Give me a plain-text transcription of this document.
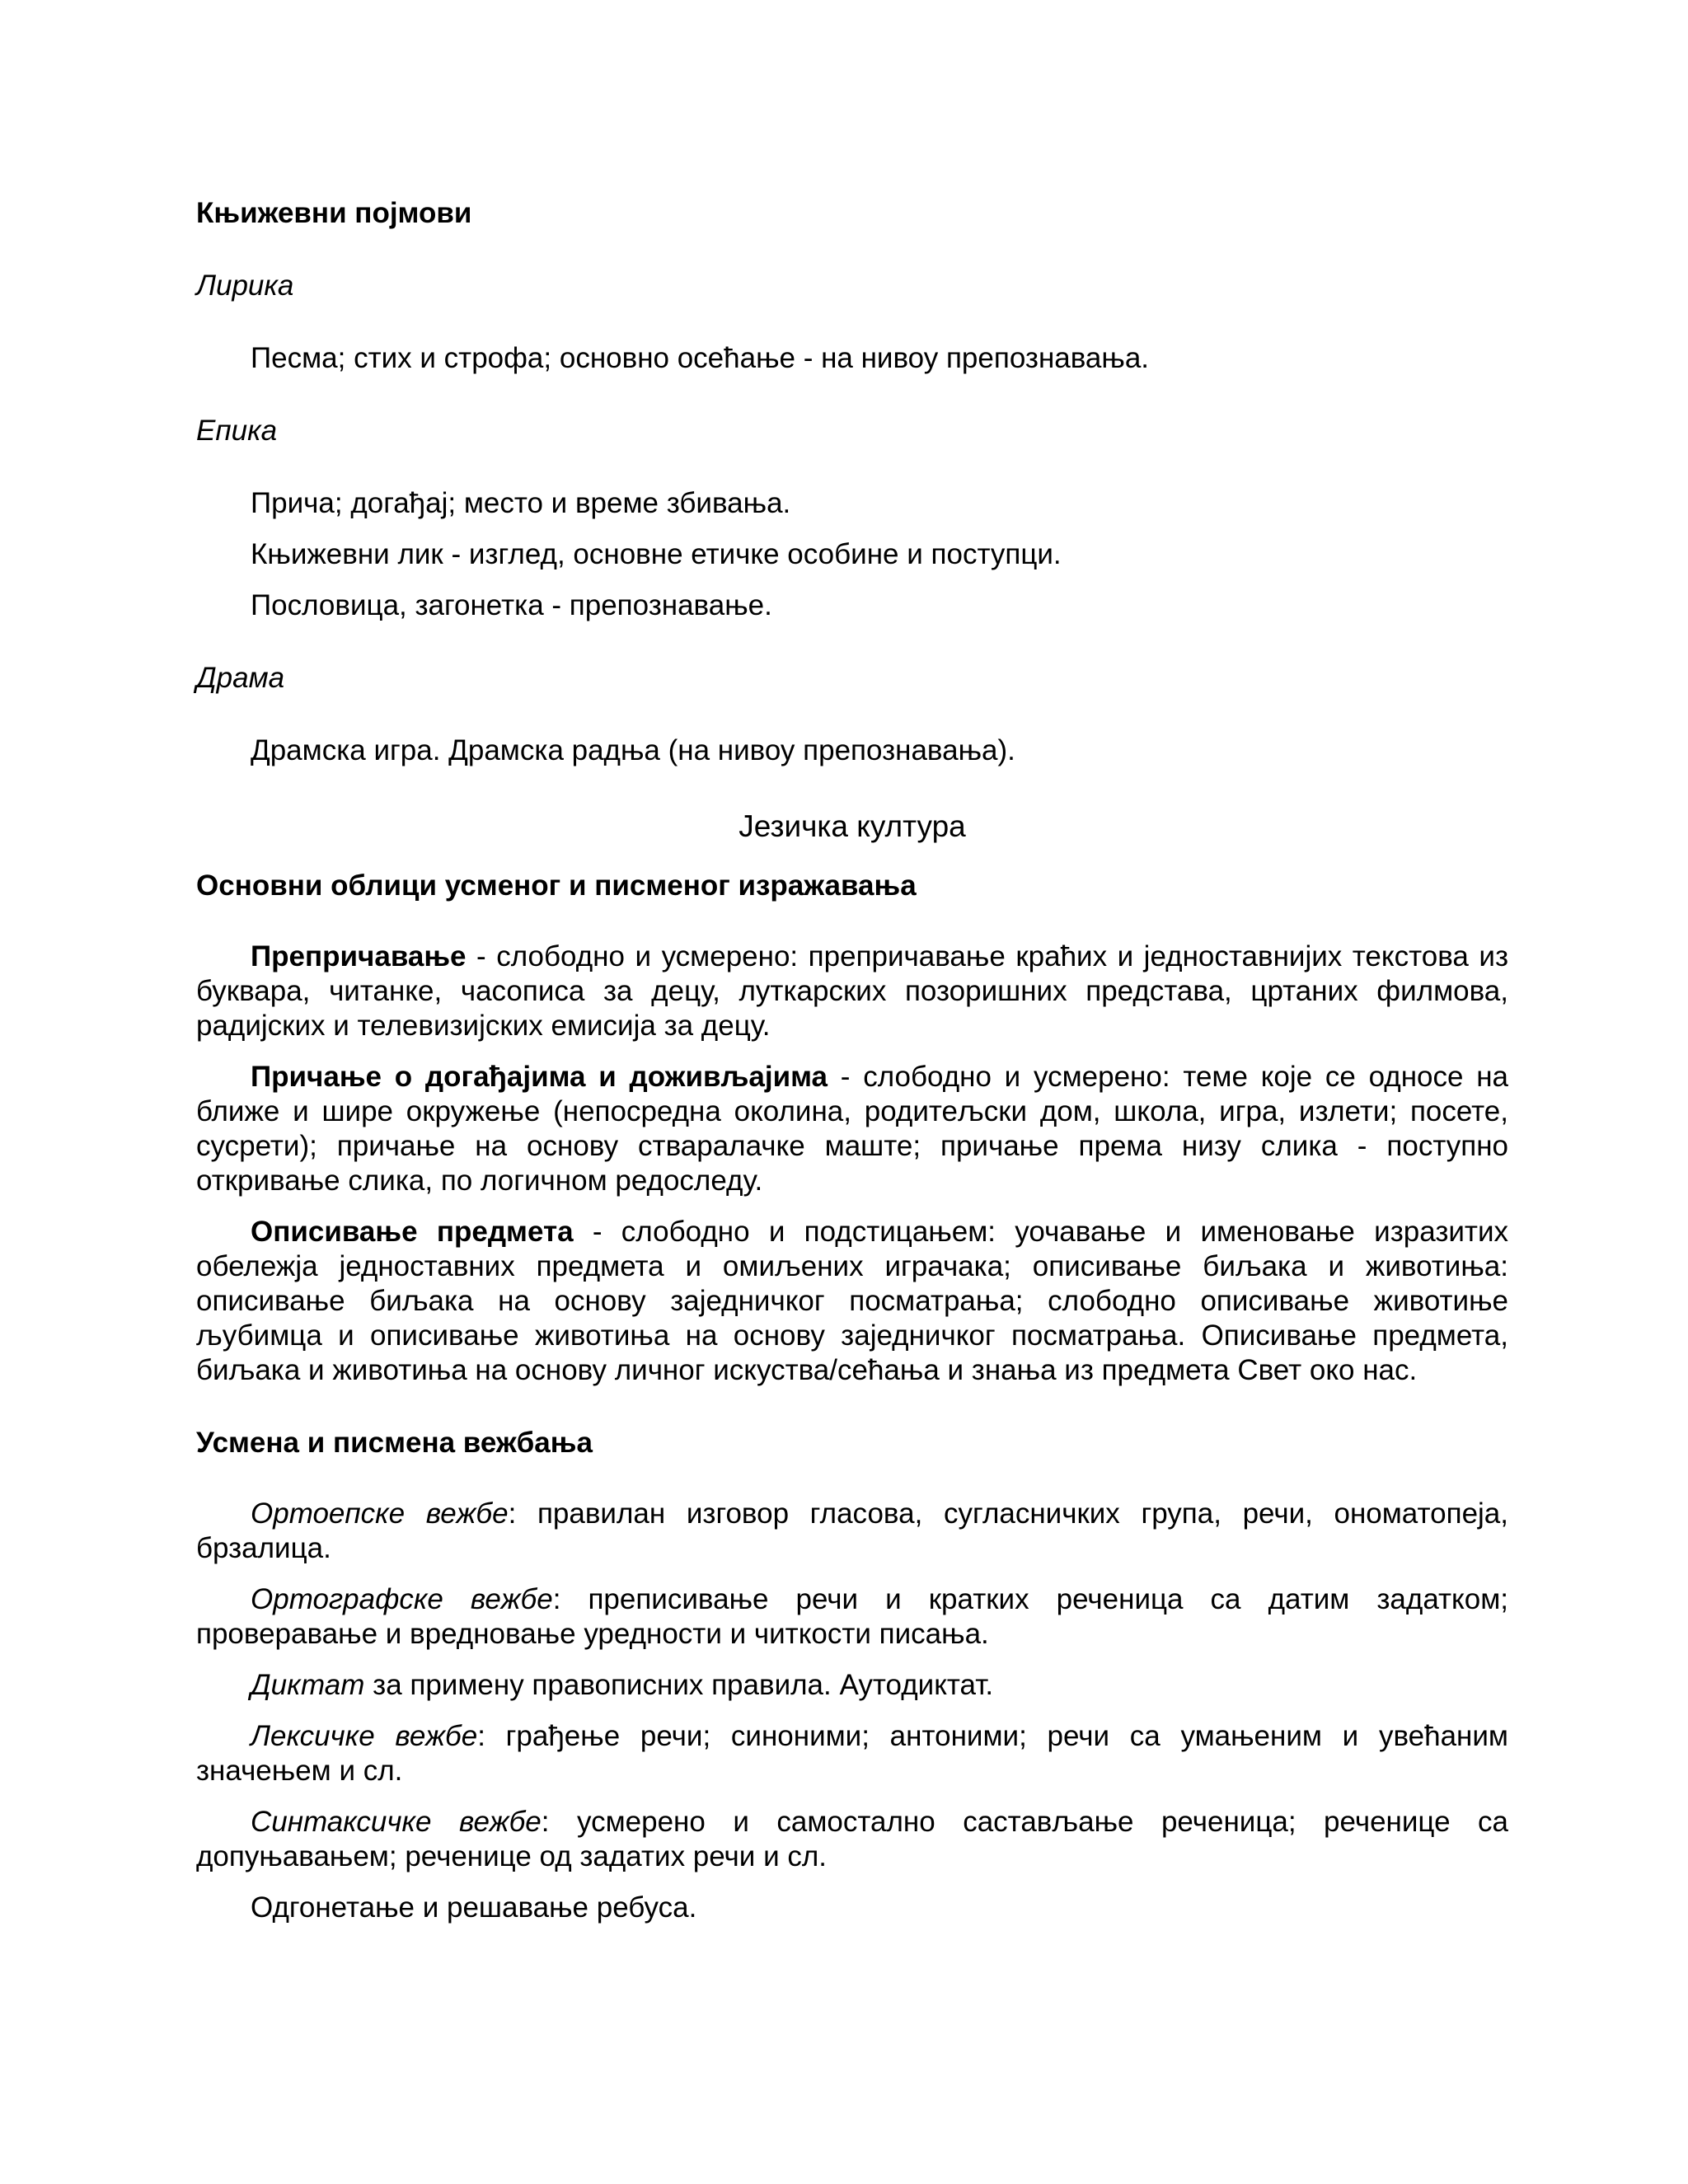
Књижевни појмови

Лирика

Песма; стих и строфа; основно осећање - на нивоу препознавања.

Епика

Прича; догађај; место и време збивања.

Књижевни лик - изглед, основне етичке особине и поступци.

Пословица, загонетка - препознавање.

Драма

Драмска игра. Драмска радња (на нивоу препознавања).

Језичка култура

Основни облици усменог и писменог изражавања

Препричавање - слободно и усмерено: препричавање краћих и једноставнијих текстова из буквара, читанке, часописа за децу, луткарских позоришних представа, цртаних филмова, радијских и телевизијских емисија за децу.

Причање о догађајима и доживљајима - слободно и усмерено: теме које се односе на ближе и шире окружење (непосредна околина, родитељски дом, школа, игра, излети; посете, сусрети); причање на основу стваралачке маште; причање према низу слика - поступно откривање слика, по логичном редоследу.

Описивање предмета - слободно и подстицањем: уочавање и именовање изразитих обележја једноставних предмета и омиљених играчака; описивање биљака и животиња: описивање биљака на основу заједничког посматрања; слободно описивање животиње љубимца и описивање животиња на основу заједничког посматрања. Описивање предмета, биљака и животиња на основу личног искуства/сећања и знања из предмета Свет око нас.

Усмена и писмена вежбања

Ортоепске вежбе: правилан изговор гласова, сугласничких група, речи, ономатопеја, брзалица.

Ортографске вежбе: преписивање речи и кратких реченица са датим задатком; проверавање и вредновање уредности и читкости писања.

Диктат за примену правописних правила. Аутодиктат.

Лексичке вежбе: грађење речи; синоними; антоними; речи са умањеним и увећаним значењем и сл.

Синтаксичке вежбе: усмерено и самостално састављање реченица; реченице са допуњавањем; реченице од задатих речи и сл.

Одгонетање и решавање ребуса.
